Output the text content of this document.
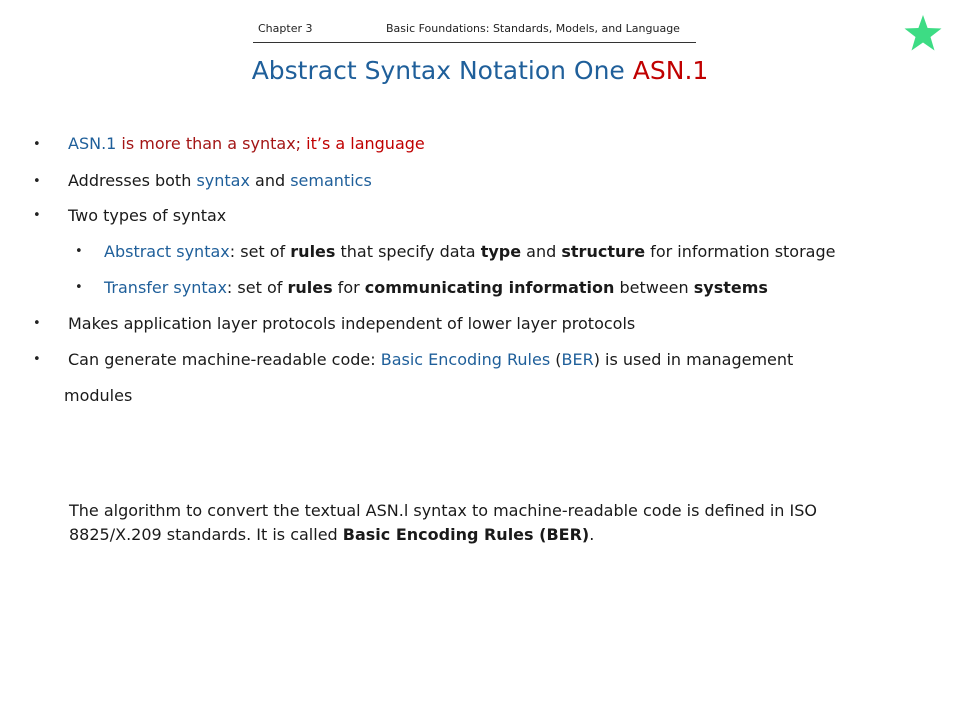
Chapter 3	Basic Foundations: Standards, Models, and Language
Abstract Syntax Notation One ASN.1
• ASN.1 is more than a syntax; it’s a language
• Addresses both syntax and semantics
• Two types of syntax
• Abstract syntax: set of rules that specify data type and structure for information storage
• Transfer syntax: set of rules for communicating information between systems
• Makes application layer protocols independent of lower layer protocols
• Can generate machine-readable code: Basic Encoding Rules (BER) is used in management
modules
The algorithm to convert the textual ASN.l syntax to machine-readable code is defined in ISO 8825/X.209 standards. It is called Basic Encoding Rules (BER).
